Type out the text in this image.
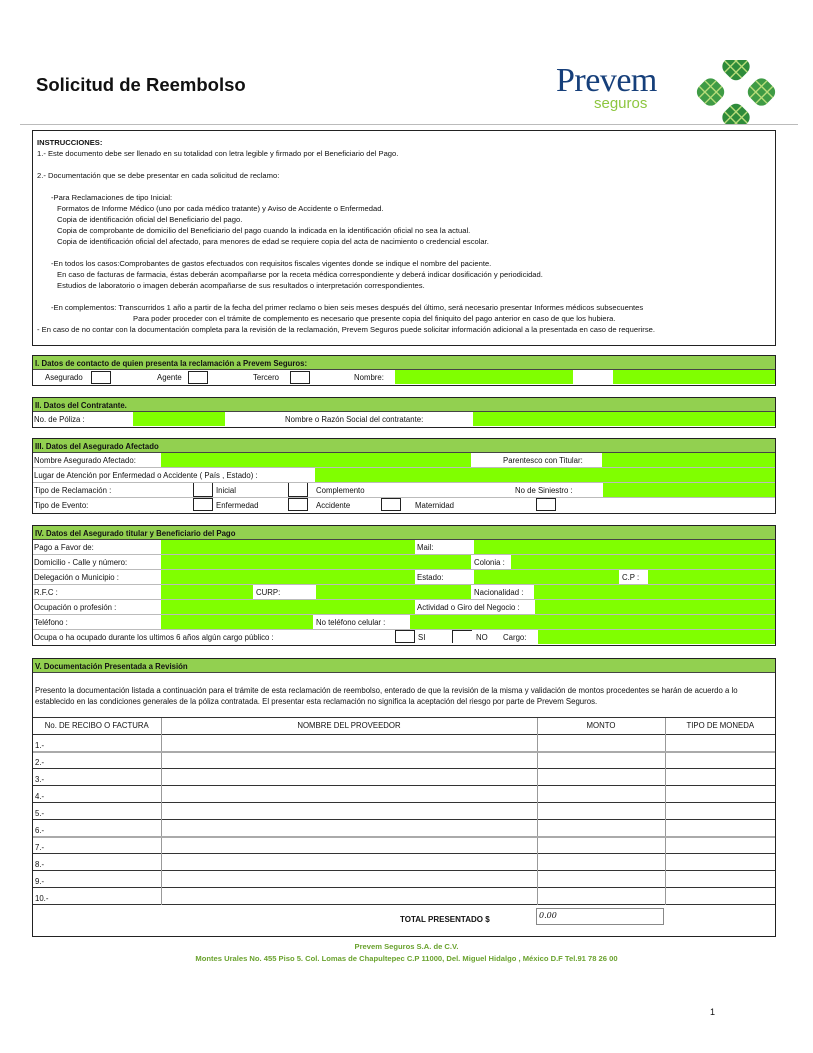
Solicitud de Reembolso	Prevem
seguros
INSTRUCCIONES:
1.- Este documento debe ser llenado en su totalidad con letra legible y firmado por el Beneficiario del Pago.
2.- Documentación que se debe presentar en cada solicitud de reclamo:
-Para Reclamaciones de tipo Inicial:
Formatos de Informe Médico (uno por cada médico tratante) y Aviso de Accidente o Enfermedad.
Copia de identificación oficial del Beneficiario del pago.
Copia de comprobante de domicilio del Beneficiario del pago cuando la indicada en la identificación oficial no sea la actual.
Copia de identificación oficial del afectado, para menores de edad se requiere copia del acta de nacimiento o credencial escolar.
-En todos los casos:Comprobantes de gastos efectuados con requisitos fiscales vigentes donde se indique el nombre del paciente.
En caso de facturas de farmacia, éstas deberán acompañarse por la receta médica correspondiente y deberá indicar dosificación y periodicidad.
Estudios de laboratorio o imagen deberán acompañarse de sus resultados o interpretación correspondientes.
-En complementos: Transcurridos 1 año a partir de la fecha del primer reclamo o bien seis meses después del último, será necesario presentar Informes médicos subsecuentes
Para poder proceder con el trámite de complemento es necesario que presente copia del finiquito del pago anterior en caso de que los hubiera.
- En caso de no contar con la documentación completa para la revisión de la reclamación, Prevem Seguros puede solicitar información adicional a la presentada en caso de requerirse.
I. Datos de contacto de quien presenta la reclamación a Prevem Seguros:
Asegurado	Agente	Tercero	Nombre:
II. Datos del Contratante.
No. de Póliza :	Nombre o Razón Social del contratante:
III. Datos del Asegurado Afectado
Nombre Asegurado Afectado:	Parentesco con Titular:
Lugar de Atención por Enfermedad o Accidente ( País , Estado) :
Tipo de Reclamación :	Inicial	Complemento	No de Siniestro :
Tipo de Evento:	Enfermedad	Accidente	Maternidad
IV. Datos del Asegurado titular y Beneficiario del Pago
Pago a Favor de:	Mail:
Domicilio - Calle y número:	Colonia :
Delegación o Municipio :	Estado:	C.P :
R.F.C :	CURP:	Nacionalidad :
Ocupación o profesión :	Actividad o Giro del Negocio :
Teléfono :	No teléfono celular :
Ocupa o ha ocupado durante los ultimos 6 años algún cargo público :	SI	NO Cargo:
V. Documentación Presentada a Revisión
Presento la documentación listada a continuación para el trámite de esta reclamación de reembolso, enterado de que la revisión de la misma y validación de montos procedentes se harán de acuerdo a lo establecido en las condiciones generales de la póliza contratada. El presentar esta reclamación no significa la aceptación del riesgo por parte de Prevem Seguros.
No. DE RECIBO O FACTURA	NOMBRE DEL PROVEEDOR	MONTO	TIPO DE MONEDA
1.-			
2.-			
3.-			
4.-			
5.-			
6.-			
7.-			
8.-			
9.-			
10.-			
TOTAL PRESENTADO $	0.00
Prevem Seguros S.A. de C.V.
Montes Urales No. 455 Piso 5. Col. Lomas de Chapultepec C.P 11000, Del. Miguel Hidalgo , México D.F Tel.91 78 26 00
1
